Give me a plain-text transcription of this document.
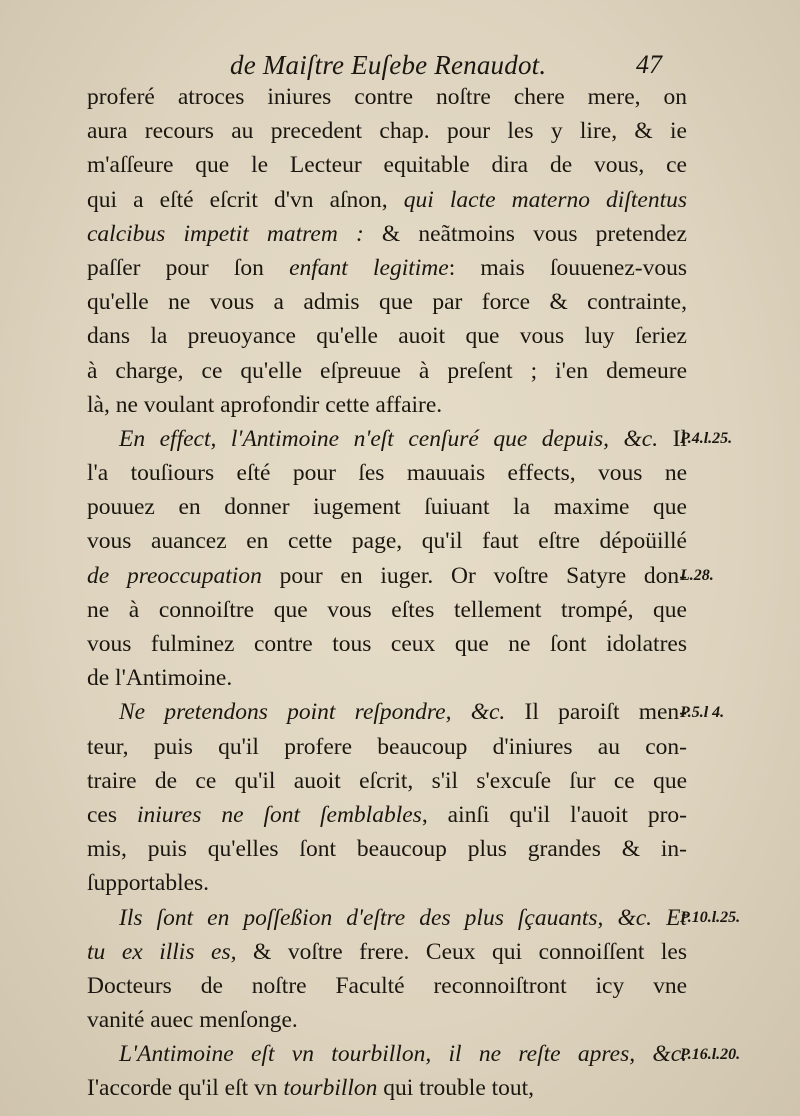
de Maiſtre Euſebe Renaudot.	47
proferé atroces iniures contre noſtre chere mere, on
aura recours au precedent chap. pour les y lire, & ie
m'aſſeure que le Lecteur equitable dira de vous, ce
qui a eſté eſcrit d'vn aſnon, qui lacte materno diſtentus
calcibus impetit matrem : & neãtmoins vous pretendez
paſſer pour ſon enfant legitime: mais ſouuenez-vous
qu'elle ne vous a admis que par force & contrainte,
dans la preuoyance qu'elle auoit que vous luy ſeriez
à charge, ce qu'elle eſpreuue à preſent ; i'en demeure
là, ne voulant aprofondir cette affaire.
En effect, l'Antimoine n'eſt cenſuré que depuis, &c. Il
l'a touſiours eſté pour ſes mauuais effects, vous ne
pouuez en donner iugement ſuiuant la maxime que
vous auancez en cette page, qu'il faut eſtre dépoüillé
de preoccupation pour en iuger. Or voſtre Satyre don-
ne à connoiſtre que vous eſtes tellement trompé, que
vous fulminez contre tous ceux que ne ſont idolatres
de l'Antimoine.
Ne pretendons point reſpondre, &c. Il paroiſt men-
teur, puis qu'il profere beaucoup d'iniures au con-
traire de ce qu'il auoit eſcrit, s'il s'excuſe ſur ce que
ces iniures ne ſont ſemblables, ainſi qu'il l'auoit pro-
mis, puis qu'elles ſont beaucoup plus grandes & in-
ſupportables.
Ils ſont en poſſeßion d'eſtre des plus ſçauants, &c. Et
tu ex illis es, & voſtre frere. Ceux qui connoiſſent les
Docteurs de noſtre Faculté reconnoiſtront icy vne
vanité auec menſonge.
L'Antimoine eſt vn tourbillon, il ne reſte apres, &c.
I'accorde qu'il eſt vn tourbillon qui trouble tout,
P.4.l.25.
L.28.
P.5.l 4.
P.10.l.25.
P.16.l.20.
